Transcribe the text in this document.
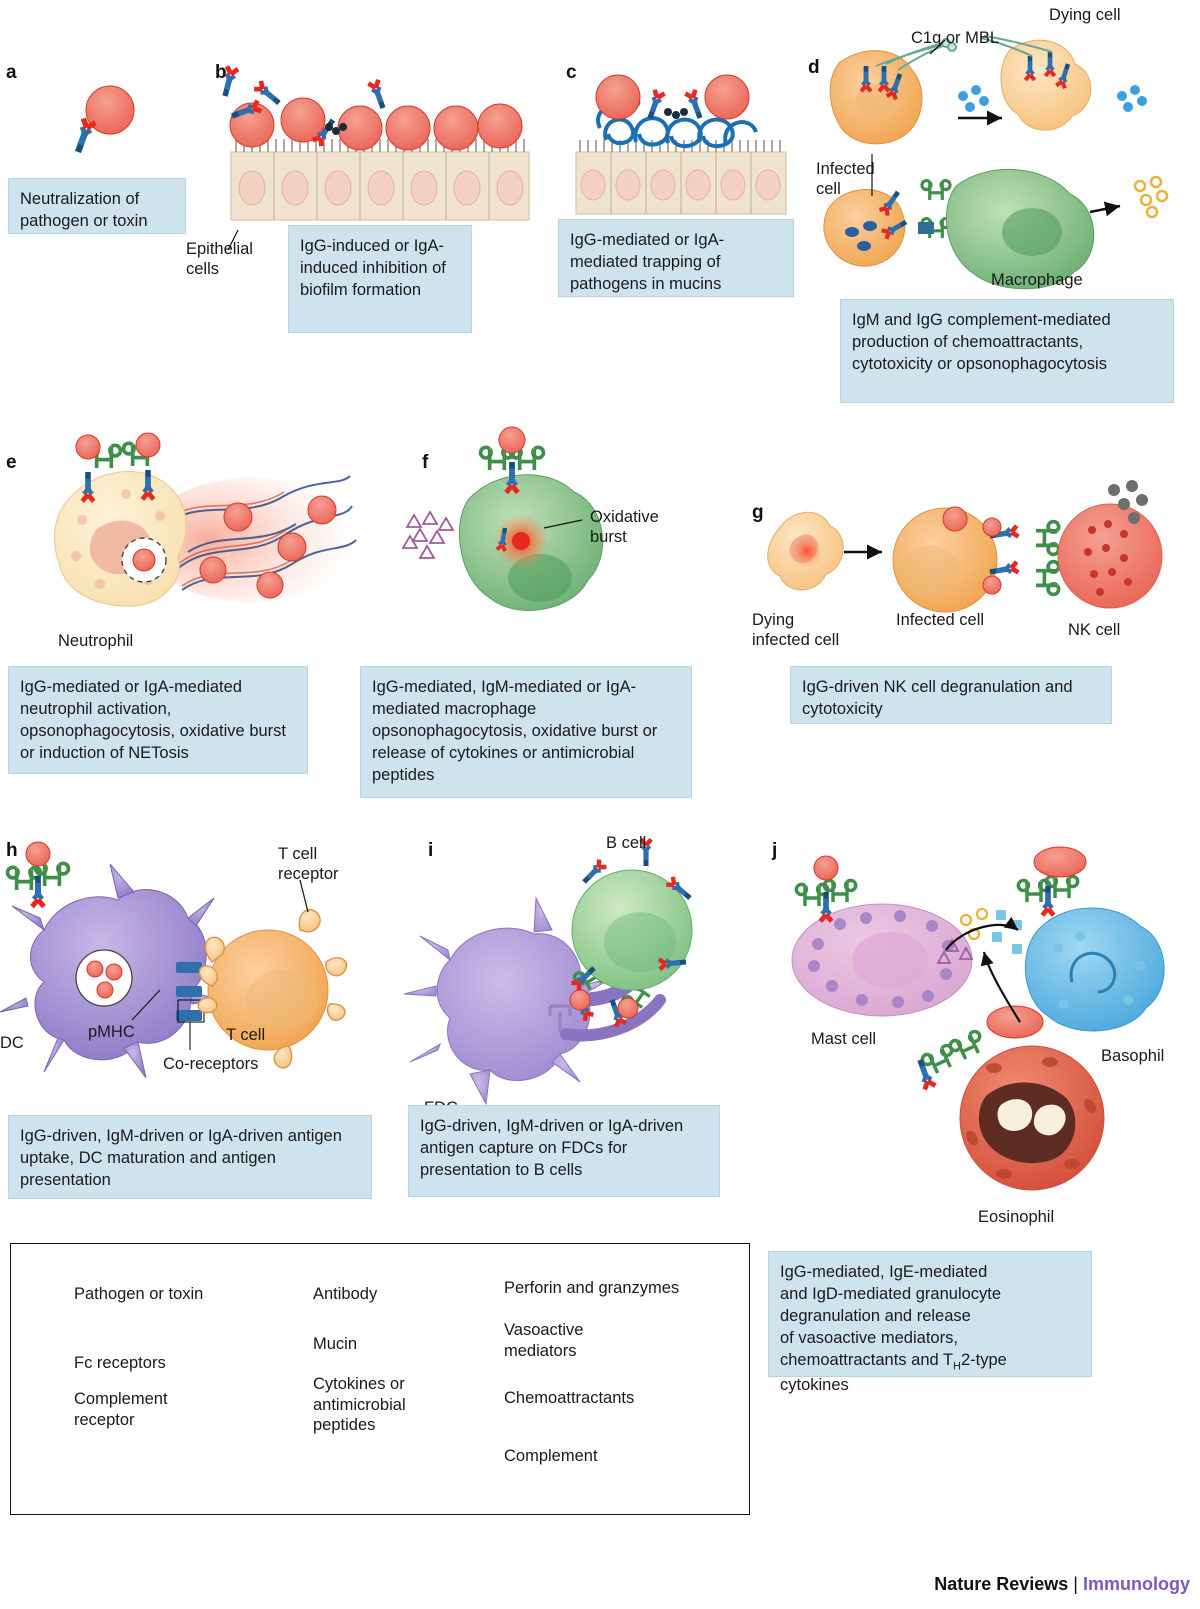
a	b	c	d
e	f
g
h	i	j
Epithelial cells
C1q or MBL
Dying cell
Infected cell
Macrophage
Neutrophil
Oxidative burst
Dying infected cell
Infected cell
NK cell
DC
pMHC
Co-receptors
T cell receptor
T cell
B cell
Mast cell
Basophil
Eosinophil
Neutralization of pathogen or toxin
IgG-induced or IgA-induced inhibition of biofilm formation
IgG-mediated or IgA-mediated trapping of pathogens in mucins
IgM and IgG complement-mediated production of chemoattractants, cytotoxicity or opsonophagocytosis
IgG-mediated or IgA-mediated neutrophil activation, opsonophagocytosis, oxidative burst or induction of NETosis
IgG-mediated, IgM-mediated or IgA-mediated macrophage opsonophagocytosis, oxidative burst or release of cytokines or antimicrobial peptides
IgG-driven NK cell degranulation and cytotoxicity
IgG-driven, IgM-driven or IgA-driven antigen uptake, DC maturation and antigen presentation
IgG-driven, IgM-driven or IgA-driven antigen capture on FDCs for presentation to B cells
IgG-mediated, IgE-mediated
and IgD-mediated granulocyte
degranulation and release
of vasoactive mediators,
chemoattractants and $T_H2$-type cytokines
Pathogen or toxin
Fc receptors
Complement receptor
Antibody
Mucin
Cytokines or antimicrobial peptides
Perforin and granzymes
Vasoactive mediators
Chemoattractants
Complement
Nature Reviews | Immunology
